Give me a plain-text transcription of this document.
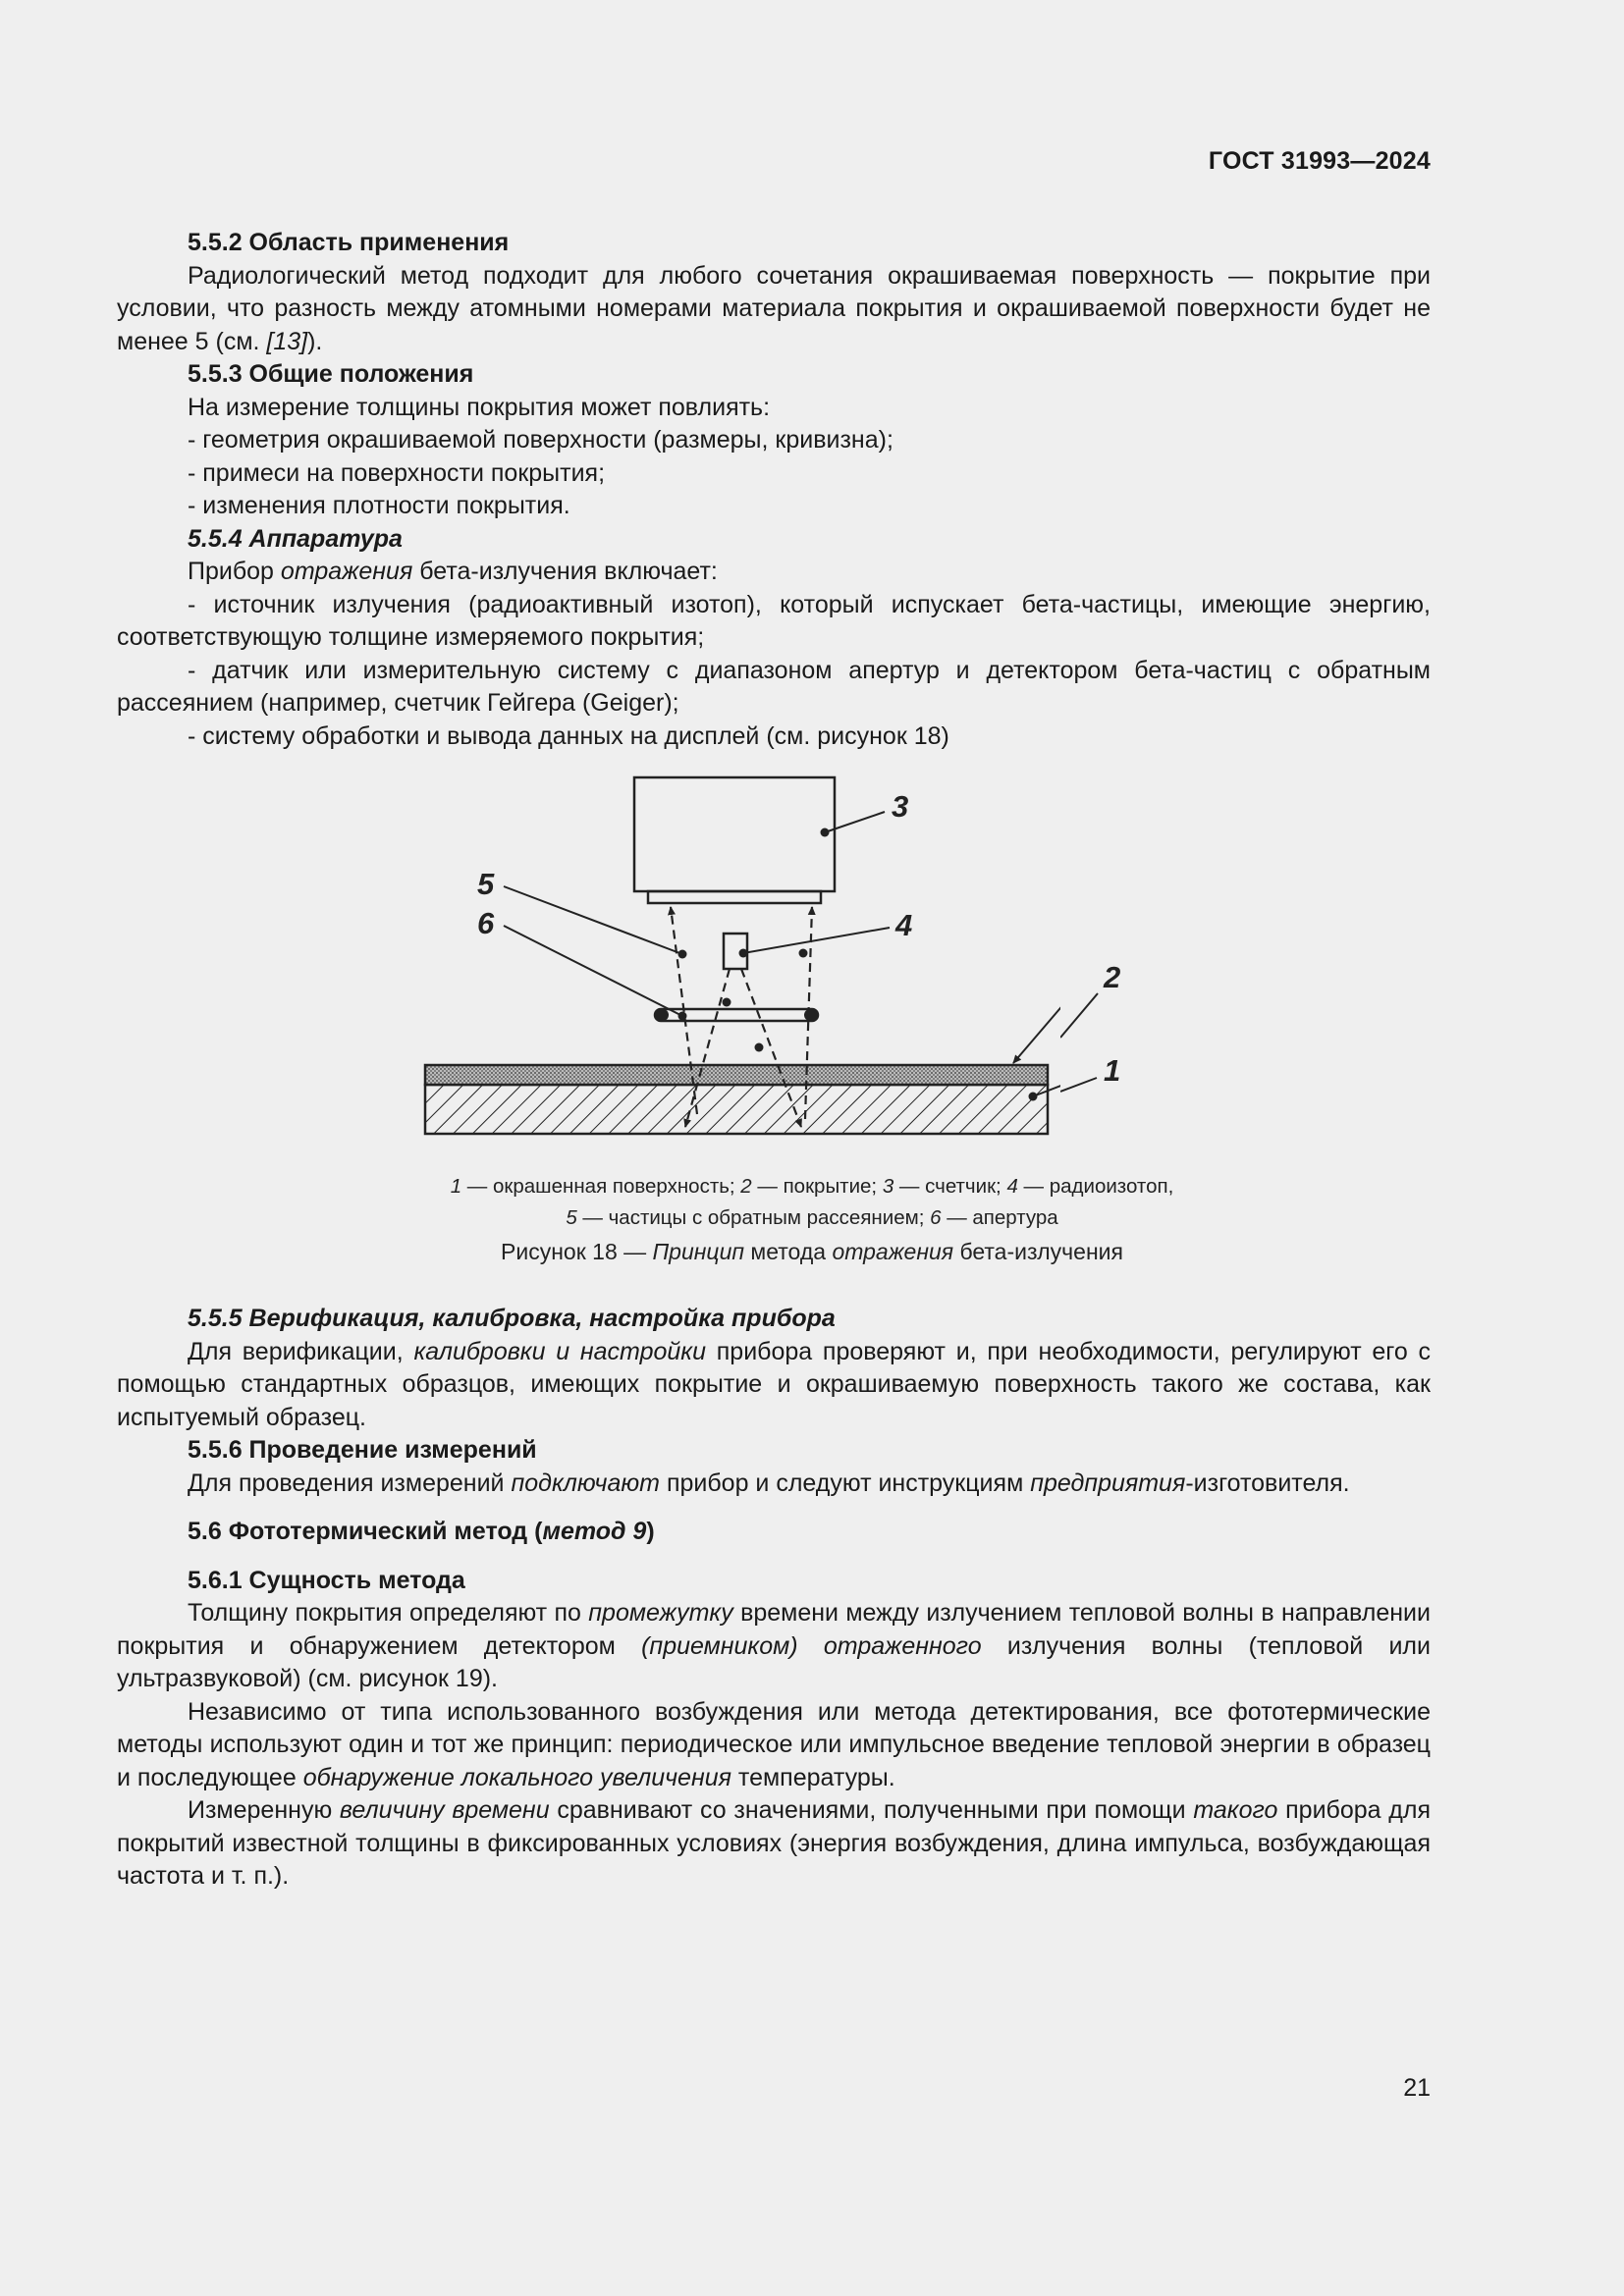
ГОСТ 31993—2024
5.5.2 Область применения

Радиологический метод подходит для любого сочетания окрашиваемая поверхность — покрытие при условии, что разность между атомными номерами материала покрытия и окрашиваемой поверхности будет не менее 5 (см. [13]).

5.5.3 Общие положения

На измерение толщины покрытия может повлиять:

- геометрия окрашиваемой поверхности (размеры, кривизна);

- примеси на поверхности покрытия;

- изменения плотности покрытия.

5.5.4 Аппаратура

Прибор отражения бета-излучения включает:

- источник излучения (радиоактивный изотоп), который испускает бета-частицы, имеющие энергию, соответствующую толщине измеряемого покрытия;

- датчик или измерительную систему с диапазоном апертур и детектором бета-частиц с обратным рассеянием (например, счетчик Гейгера (Geiger);

- систему обработки и вывода данных на дисплей (см. рисунок 18)

3
4
5
6
2
1
1 — окрашенная поверхность; 2 — покрытие; 3 — счетчик; 4 — радиоизотоп,
5 — частицы с обратным рассеянием; 6 — апертура
Рисунок 18 — Принцип метода отражения бета-излучения
5.5.5 Верификация, калибровка, настройка прибора

Для верификации, калибровки и настройки прибора проверяют и, при необходимости, регулируют его с помощью стандартных образцов, имеющих покрытие и окрашиваемую поверхность такого же состава, как испытуемый образец.

5.5.6 Проведение измерений

Для проведения измерений подключают прибор и следуют инструкциям предприятия-изготовителя.

5.6 Фототермический метод (метод 9)
5.6.1 Сущность метода

Толщину покрытия определяют по промежутку времени между излучением тепловой волны в направлении покрытия и обнаружением детектором (приемником) отраженного излучения волны (тепловой или ультразвуковой) (см. рисунок 19).

Независимо от типа использованного возбуждения или метода детектирования, все фототермические методы используют один и тот же принцип: периодическое или импульсное введение тепловой энергии в образец и последующее обнаружение локального увеличения температуры.

Измеренную величину времени сравнивают со значениями, полученными при помощи такого прибора для покрытий известной толщины в фиксированных условиях (энергия возбуждения, длина импульса, возбуждающая частота и т. п.).

21
